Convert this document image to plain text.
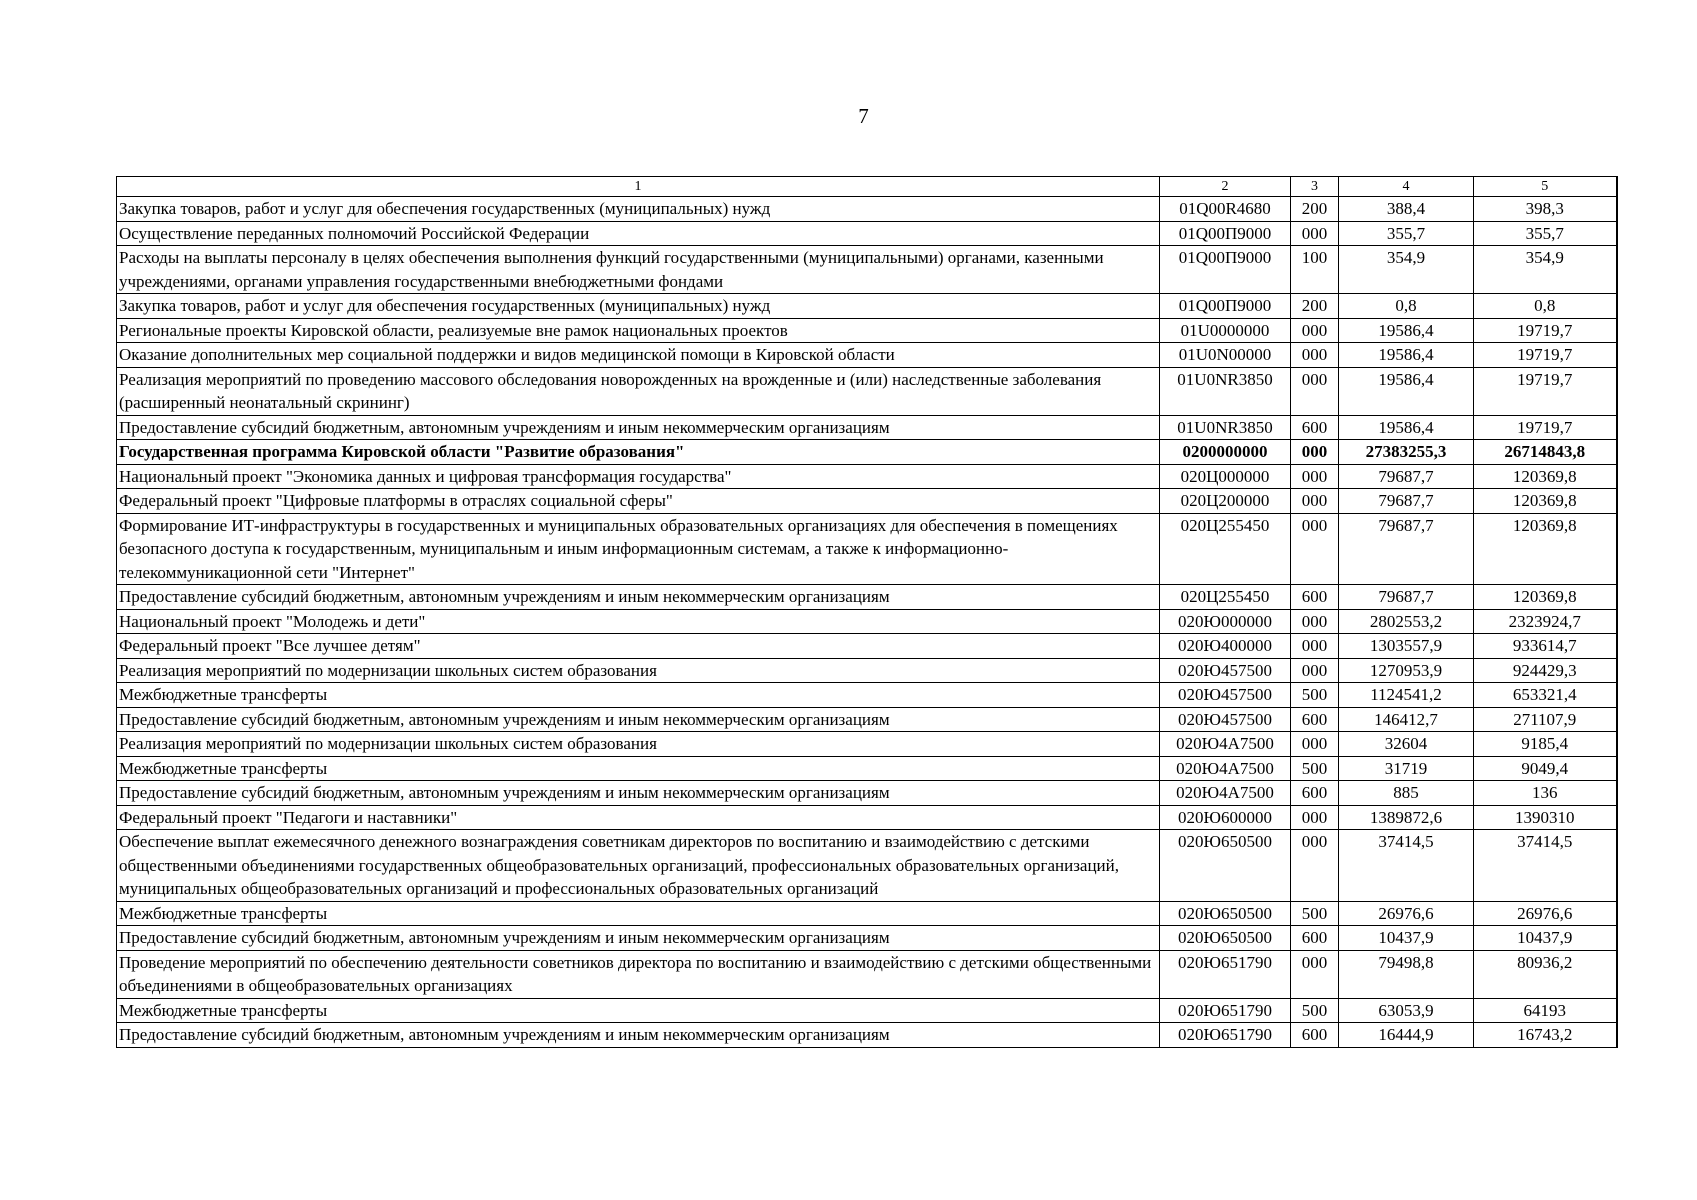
7
1	2	3	4	5
Закупка товаров, работ и услуг для обеспечения государственных (муниципальных) нужд	01Q00R4680	200	388,4	398,3
Осуществление переданных полномочий Российской Федерации	01Q00П9000	000	355,7	355,7
Расходы на выплаты персоналу в целях обеспечения выполнения функций государственными (муниципальными) органами, казенными учреждениями, органами управления государственными внебюджетными фондами	01Q00П9000	100	354,9	354,9
Закупка товаров, работ и услуг для обеспечения государственных (муниципальных) нужд	01Q00П9000	200	0,8	0,8
Региональные проекты Кировской области, реализуемые вне рамок национальных проектов	01U0000000	000	19586,4	19719,7
Оказание дополнительных мер социальной поддержки и видов медицинской помощи в Кировской области	01U0N00000	000	19586,4	19719,7
Реализация мероприятий по проведению массового обследования новорожденных на врожденные и (или) наследственные заболевания (расширенный неонатальный скрининг)	01U0NR3850	000	19586,4	19719,7
Предоставление субсидий бюджетным, автономным учреждениям и иным некоммерческим организациям	01U0NR3850	600	19586,4	19719,7
Государственная программа Кировской области "Развитие образования"	0200000000	000	27383255,3	26714843,8
Национальный проект "Экономика данных и цифровая трансформация государства"	020Ц000000	000	79687,7	120369,8
Федеральный проект "Цифровые платформы в отраслях социальной сферы"	020Ц200000	000	79687,7	120369,8
Формирование ИТ-инфраструктуры в государственных и муниципальных образовательных организациях для обеспечения в помещениях безопасного доступа к государственным, муниципальным и иным информационным системам, а также к информационно-телекоммуникационной сети "Интернет"	020Ц255450	000	79687,7	120369,8
Предоставление субсидий бюджетным, автономным учреждениям и иным некоммерческим организациям	020Ц255450	600	79687,7	120369,8
Национальный проект "Молодежь и дети"	020Ю000000	000	2802553,2	2323924,7
Федеральный проект "Все лучшее детям"	020Ю400000	000	1303557,9	933614,7
Реализация мероприятий по модернизации школьных систем образования	020Ю457500	000	1270953,9	924429,3
Межбюджетные трансферты	020Ю457500	500	1124541,2	653321,4
Предоставление субсидий бюджетным, автономным учреждениям и иным некоммерческим организациям	020Ю457500	600	146412,7	271107,9
Реализация мероприятий по модернизации школьных систем образования	020Ю4А7500	000	32604	9185,4
Межбюджетные трансферты	020Ю4А7500	500	31719	9049,4
Предоставление субсидий бюджетным, автономным учреждениям и иным некоммерческим организациям	020Ю4А7500	600	885	136
Федеральный проект "Педагоги и наставники"	020Ю600000	000	1389872,6	1390310
Обеспечение выплат ежемесячного денежного вознаграждения советникам директоров по воспитанию и взаимодействию с детскими общественными объединениями государственных общеобразовательных организаций, профессиональных образовательных организаций, муниципальных общеобразовательных организаций и профессиональных образовательных организаций	020Ю650500	000	37414,5	37414,5
Межбюджетные трансферты	020Ю650500	500	26976,6	26976,6
Предоставление субсидий бюджетным, автономным учреждениям и иным некоммерческим организациям	020Ю650500	600	10437,9	10437,9
Проведение мероприятий по обеспечению деятельности советников директора по воспитанию и взаимодействию с детскими общественными объединениями в общеобразовательных организациях	020Ю651790	000	79498,8	80936,2
Межбюджетные трансферты	020Ю651790	500	63053,9	64193
Предоставление субсидий бюджетным, автономным учреждениям и иным некоммерческим организациям	020Ю651790	600	16444,9	16743,2
